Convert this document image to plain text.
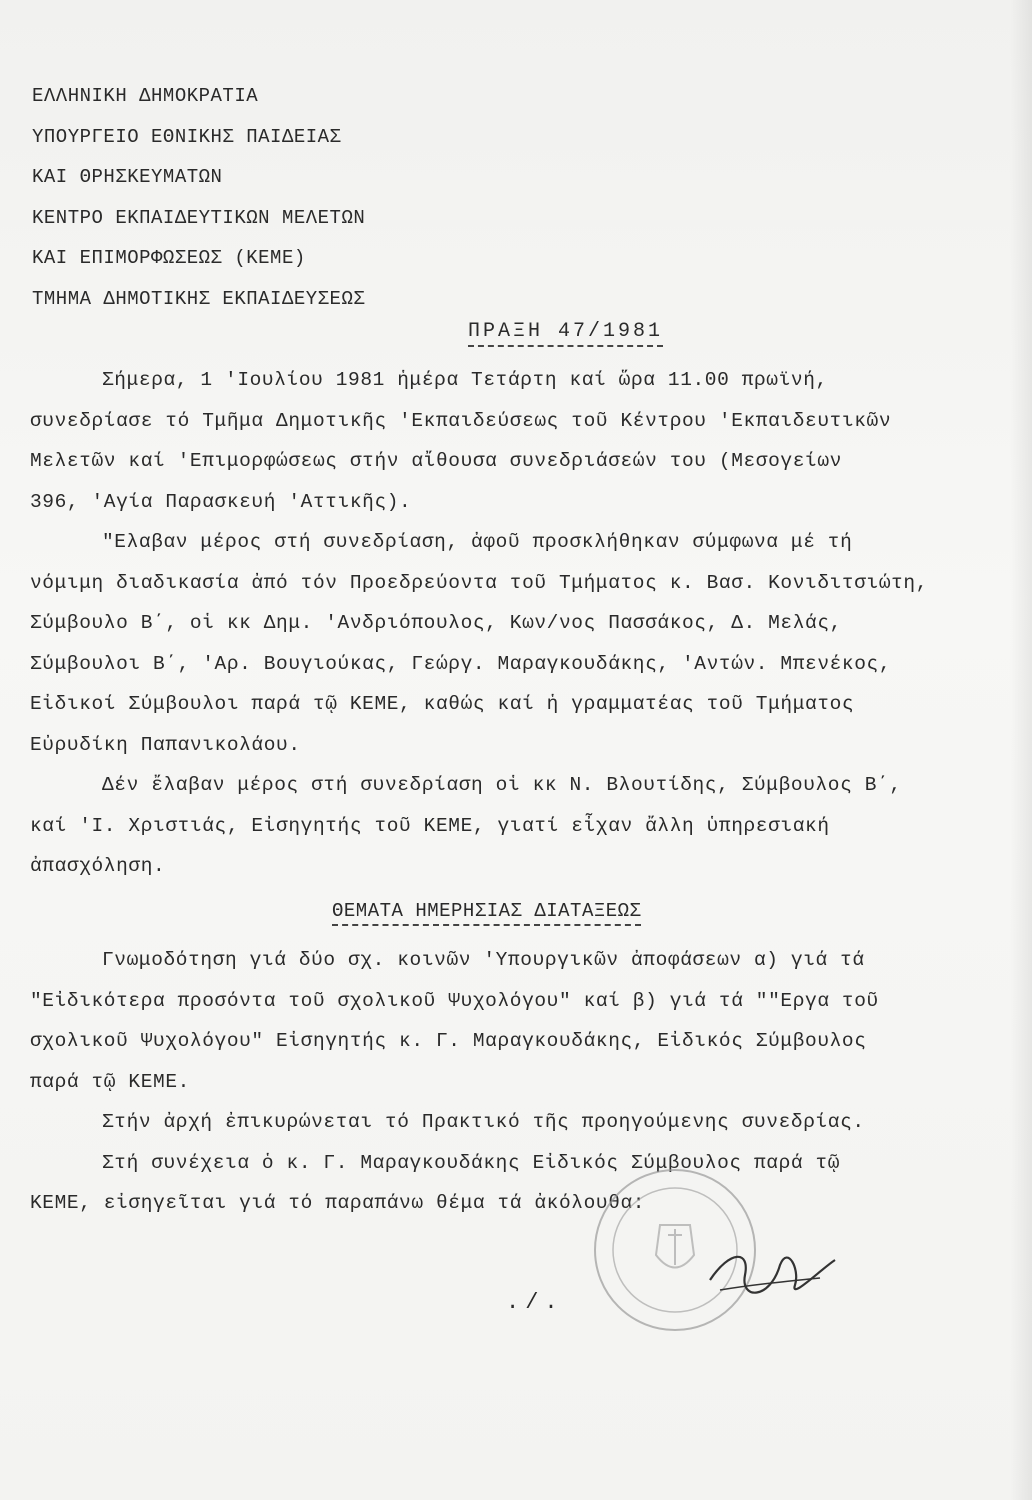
ΕΛΛΗΝΙΚΗ ΔΗΜΟΚΡΑΤΙΑ
ΥΠΟΥΡΓΕΙΟ ΕΘΝΙΚΗΣ ΠΑΙΔΕΙΑΣ
ΚΑΙ ΘΡΗΣΚΕΥΜΑΤΩΝ
ΚΕΝΤΡΟ ΕΚΠΑΙΔΕΥΤΙΚΩΝ ΜΕΛΕΤΩΝ
ΚΑΙ ΕΠΙΜΟΡΦΩΣΕΩΣ (ΚΕΜΕ)
ΤΜΗΜΑ ΔΗΜΟΤΙΚΗΣ ΕΚΠΑΙΔΕΥΣΕΩΣ
ΠΡΑΞΗ 47/1981
Σήμερα, 1 'Ιουλίου 1981 ἡμέρα Τετάρτη καί ὥρα 11.00 πρωϊνή,
συνεδρίασε τό Τμῆμα Δημοτικῆς 'Εκπαιδεύσεως τοῦ Κέντρου 'Εκπαιδευτικῶν
Μελετῶν καί 'Επιμορφώσεως στήν αἴθουσα συνεδριάσεών του (Μεσογείων
396, 'Αγία Παρασκευή 'Αττικῆς).
"Ελαβαν μέρος στή συνεδρίαση, ἀφοῦ προσκλήθηκαν σύμφωνα μέ τή
νόμιμη διαδικασία ἀπό τόν Προεδρεύοντα τοῦ Τμήματος κ. Βασ. Κονιδιτσιώτη,
Σύμβουλο Β΄, οἱ κκ Δημ. 'Ανδριόπουλος, Κων/νος Πασσάκος, Δ. Μελάς,
Σύμβουλοι Β΄, 'Αρ. Βουγιούκας, Γεώργ. Μαραγκουδάκης, 'Αντών. Μπενέκος,
Εἰδικοί Σύμβουλοι παρά τῷ ΚΕΜΕ, καθώς καί ἡ γραμματέας τοῦ Τμήματος
Εὐρυδίκη Παπανικολάου.
Δέν ἔλαβαν μέρος στή συνεδρίαση οἱ κκ Ν. Βλουτίδης, Σύμβουλος Β΄,
καί 'Ι. Χριστιάς, Εἰσηγητής τοῦ ΚΕΜΕ, γιατί εἶχαν ἄλλη ὑπηρεσιακή
ἀπασχόληση.
ΘΕΜΑΤΑ ΗΜΕΡΗΣΙΑΣ ΔΙΑΤΑΞΕΩΣ
Γνωμοδότηση γιά δύο σχ. κοινῶν 'Υπουργικῶν ἀποφάσεων α) γιά τά
"Εἰδικότερα προσόντα τοῦ σχολικοῦ Ψυχολόγου" καί β) γιά τά ""Εργα τοῦ
σχολικοῦ Ψυχολόγου" Εἰσηγητής κ. Γ. Μαραγκουδάκης, Εἰδικός Σύμβουλος
παρά τῷ ΚΕΜΕ.
Στήν ἀρχή ἐπικυρώνεται τό Πρακτικό τῆς προηγούμενης συνεδρίας.
Στή συνέχεια ὁ κ. Γ. Μαραγκουδάκης Εἰδικός Σύμβουλος παρά τῷ
ΚΕΜΕ, εἰσηγεῖται γιά τό παραπάνω θέμα τά ἀκόλουθα:
./.
